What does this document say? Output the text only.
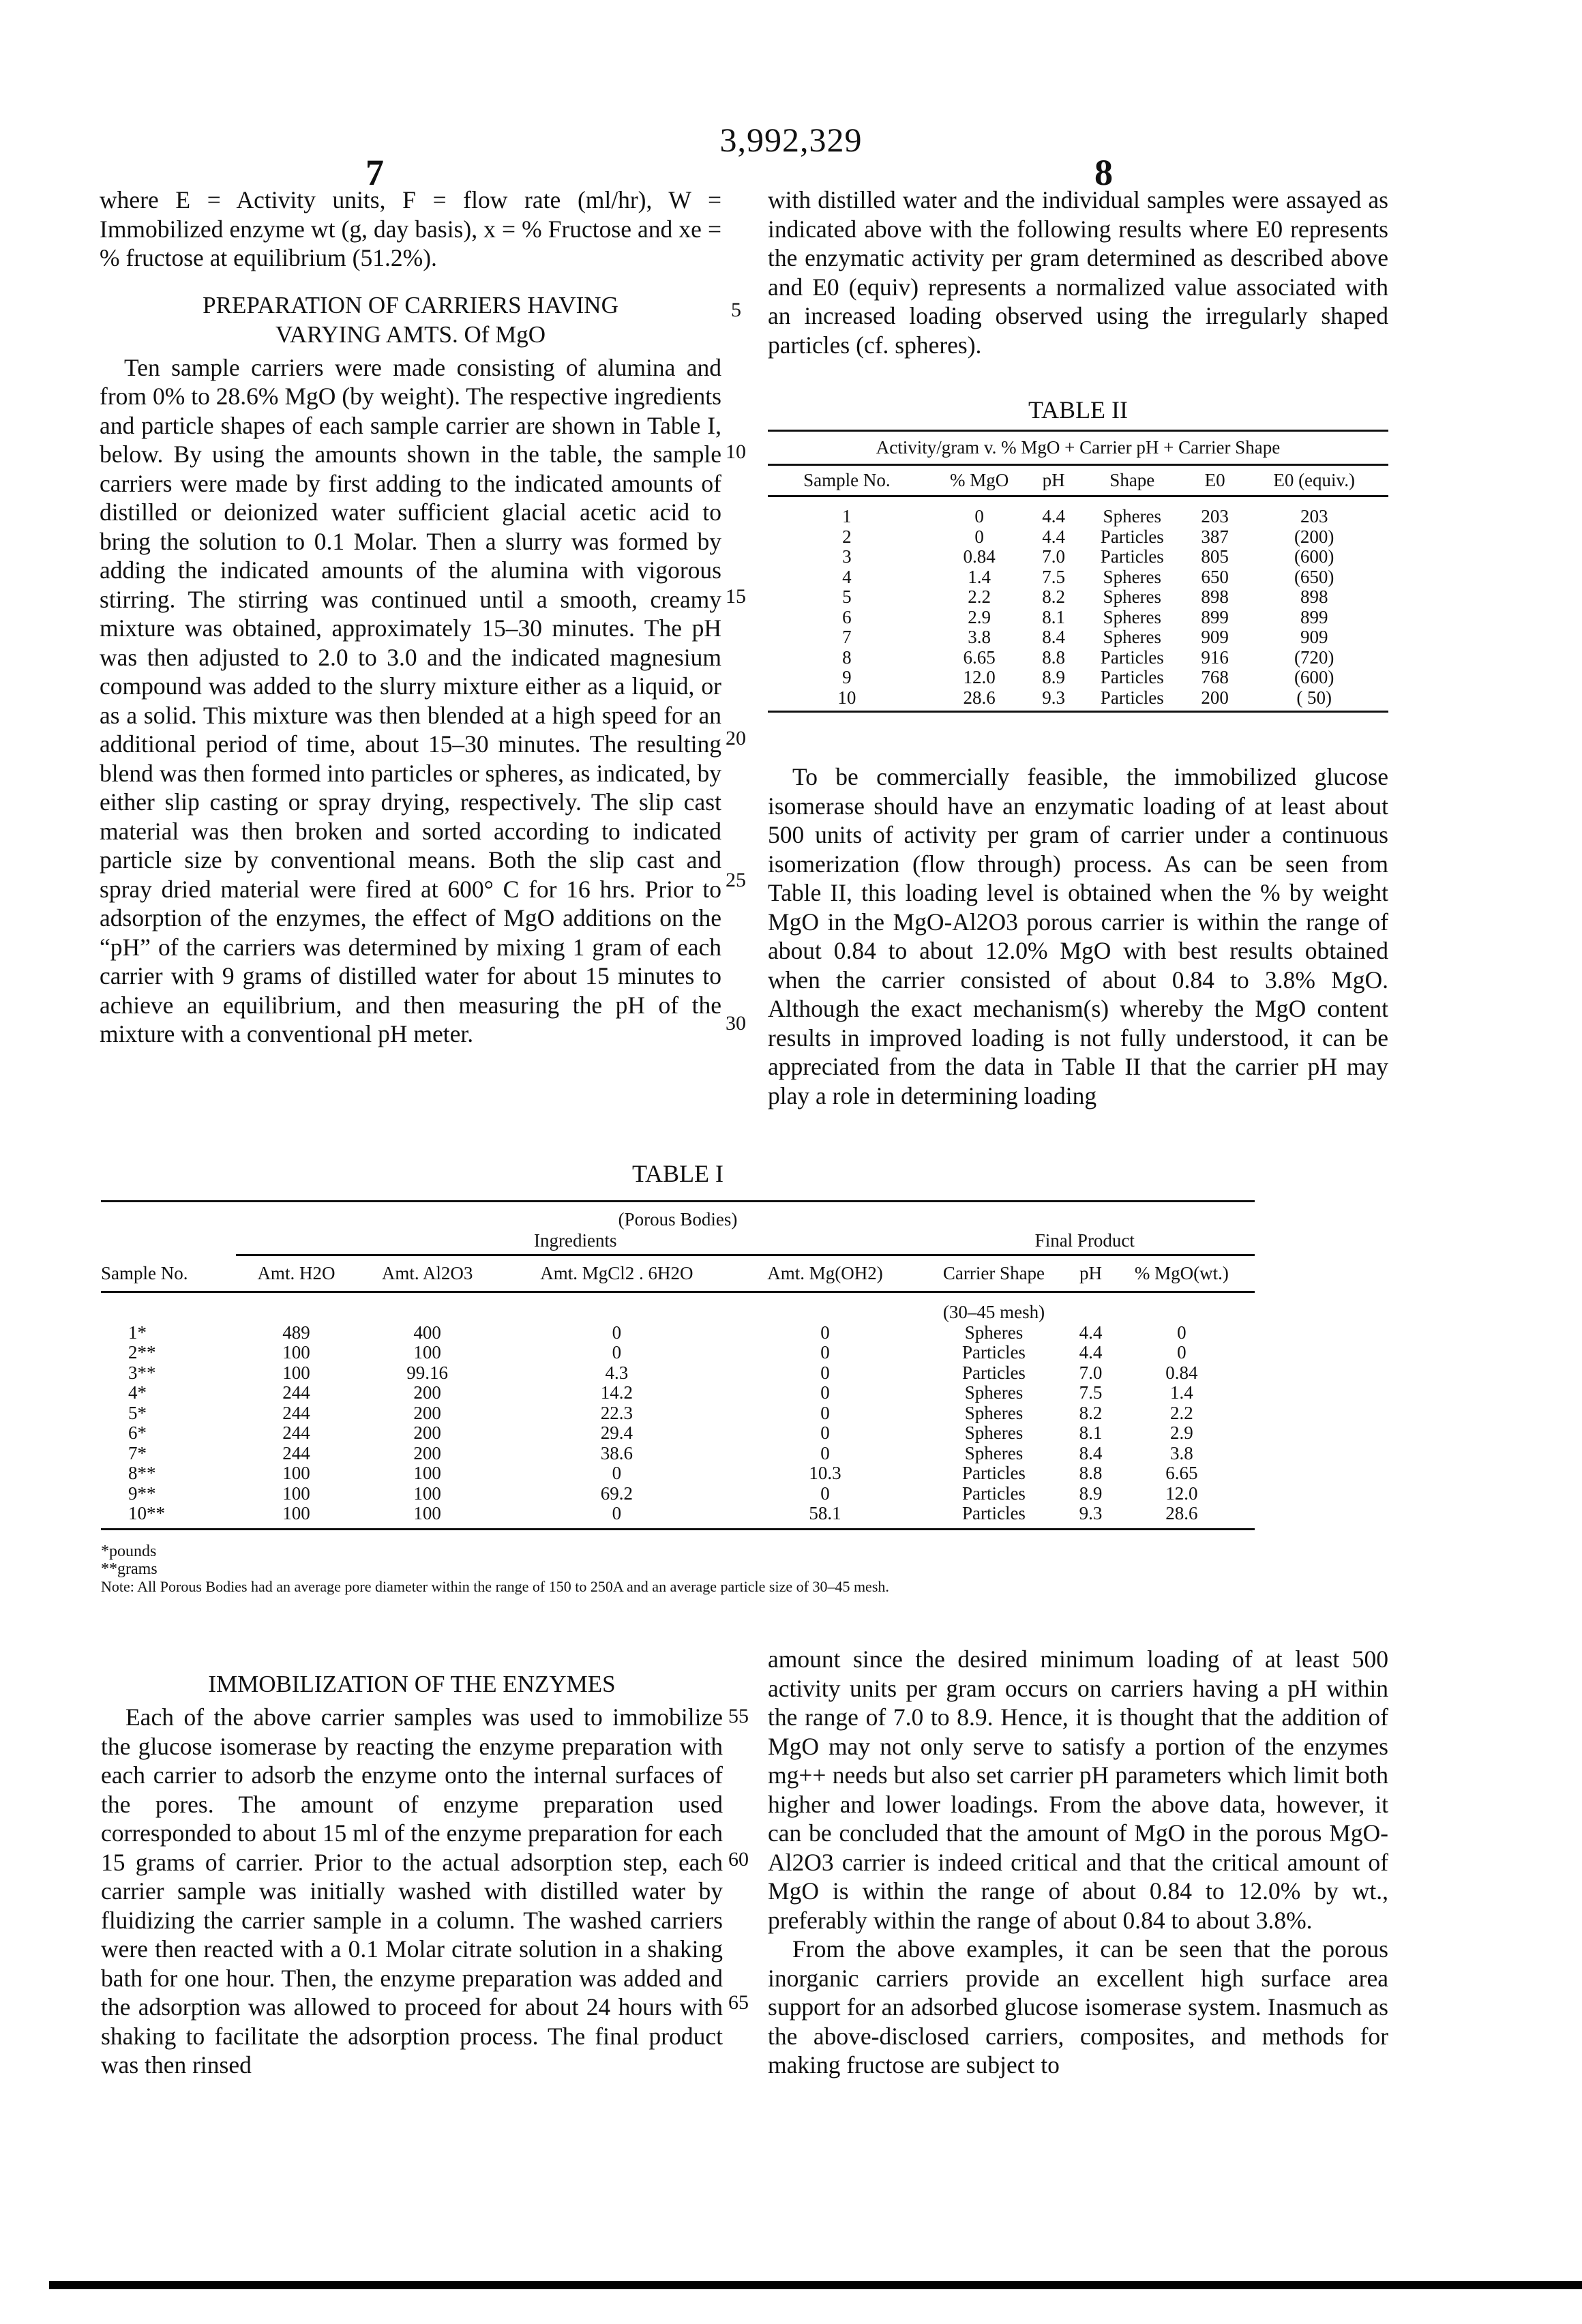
3,992,329
7	8
5
10
15
20
25
30
55
60
65

where E = Activity units, F = flow rate (ml/hr), W = Immobilized enzyme wt (g, day basis), x = % Fructose and xe = % fructose at equilibrium (51.2%).

PREPARATION OF CARRIERS HAVING

VARYING AMTS. Of MgO

Ten sample carriers were made consisting of alumina and from 0% to 28.6% MgO (by weight). The respective ingredients and particle shapes of each sample carrier are shown in Table I, below. By using the amounts shown in the table, the sample carriers were made by first adding to the indicated amounts of distilled or deionized water sufficient glacial acetic acid to bring the solution to 0.1 Molar. Then a slurry was formed by adding the indicated amounts of the alumina with vigorous stirring. The stirring was continued until a smooth, creamy mixture was obtained, approximately 15–30 minutes. The pH was then adjusted to 2.0 to 3.0 and the indicated magnesium compound was added to the slurry mixture either as a liquid, or as a solid. This mixture was then blended at a high speed for an additional period of time, about 15–30 minutes. The resulting blend was then formed into particles or spheres, as indicated, by either slip casting or spray drying, respectively. The slip cast material was then broken and sorted according to indicated particle size by conventional means. Both the slip cast and spray dried material were fired at 600° C for 16 hrs. Prior to adsorption of the enzymes, the effect of MgO additions on the “pH” of the carriers was determined by mixing 1 gram of each carrier with 9 grams of distilled water for about 15 minutes to achieve an equilibrium, and then measuring the pH of the mixture with a conventional pH meter.

with distilled water and the individual samples were assayed as indicated above with the following results where E0 represents the enzymatic activity per gram determined as described above and E0 (equiv) represents a normalized value associated with an increased loading observed using the irregularly shaped particles (cf. spheres).

TABLE II
Activity/gram v. % MgO + Carrier pH + Carrier Shape
Sample No.	% MgO	pH	Shape	E0	E0 (equiv.)
1	0	4.4	Spheres	203	203
2	0	4.4	Particles	387	(200)
3	0.84	7.0	Particles	805	(600)
4	1.4	7.5	Spheres	650	(650)
5	2.2	8.2	Spheres	898	898
6	2.9	8.1	Spheres	899	899
7	3.8	8.4	Spheres	909	909
8	6.65	8.8	Particles	916	(720)
9	12.0	8.9	Particles	768	(600)
10	28.6	9.3	Particles	200	( 50)

To be commercially feasible, the immobilized glucose isomerase should have an enzymatic loading of at least about 500 units of activity per gram of carrier under a continuous isomerization (flow through) process. As can be seen from Table II, this loading level is obtained when the % by weight MgO in the MgO-Al2O3 porous carrier is within the range of about 0.84 to about 12.0% MgO with best results obtained when the carrier consisted of about 0.84 to 3.8% MgO. Although the exact mechanism(s) whereby the MgO content results in improved loading is not fully understood, it can be appreciated from the data in Table II that the carrier pH may play a role in determining loading

TABLE I
(Porous Bodies)							
	Ingredients				Final Product		

Sample No.	Amt. H2O	Amt. Al2O3	Amt. MgCl2 . 6H2O	Amt. Mg(OH2)	Carrier Shape	pH	% MgO(wt.)
					(30–45 mesh)		
1*	489	400	0	0	Spheres	4.4	0
2**	100	100	0	0	Particles	4.4	0
3**	100	99.16	4.3	0	Particles	7.0	0.84
4*	244	200	14.2	0	Spheres	7.5	1.4
5*	244	200	22.3	0	Spheres	8.2	2.2
6*	244	200	29.4	0	Spheres	8.1	2.9
7*	244	200	38.6	0	Spheres	8.4	3.8
8**	100	100	0	10.3	Particles	8.8	6.65
9**	100	100	69.2	0	Particles	8.9	12.0
10**	100	100	0	58.1	Particles	9.3	28.6
*pounds
**grams
Note: All Porous Bodies had an average pore diameter within the range of 150 to 250A and an average particle size of 30–45 mesh.

IMMOBILIZATION OF THE ENZYMES

Each of the above carrier samples was used to immobilize the glucose isomerase by reacting the enzyme preparation with each carrier to adsorb the enzyme onto the internal surfaces of the pores. The amount of enzyme preparation used corresponded to about 15 ml of the enzyme preparation for each 15 grams of carrier. Prior to the actual adsorption step, each carrier sample was initially washed with distilled water by fluidizing the carrier sample in a column. The washed carriers were then reacted with a 0.1 Molar citrate solution in a shaking bath for one hour. Then, the enzyme preparation was added and the adsorption was allowed to proceed for about 24 hours with shaking to facilitate the adsorption process. The final product was then rinsed

amount since the desired minimum loading of at least 500 activity units per gram occurs on carriers having a pH within the range of 7.0 to 8.9. Hence, it is thought that the addition of MgO may not only serve to satisfy a portion of the enzymes mg++ needs but also set carrier pH parameters which limit both higher and lower loadings. From the above data, however, it can be concluded that the amount of MgO in the porous MgO-Al2O3 carrier is indeed critical and that the critical amount of MgO is within the range of about 0.84 to 12.0% by wt., preferably within the range of about 0.84 to about 3.8%.

From the above examples, it can be seen that the porous inorganic carriers provide an excellent high surface area support for an adsorbed glucose isomerase system. Inasmuch as the above-disclosed carriers, composites, and methods for making fructose are subject to
